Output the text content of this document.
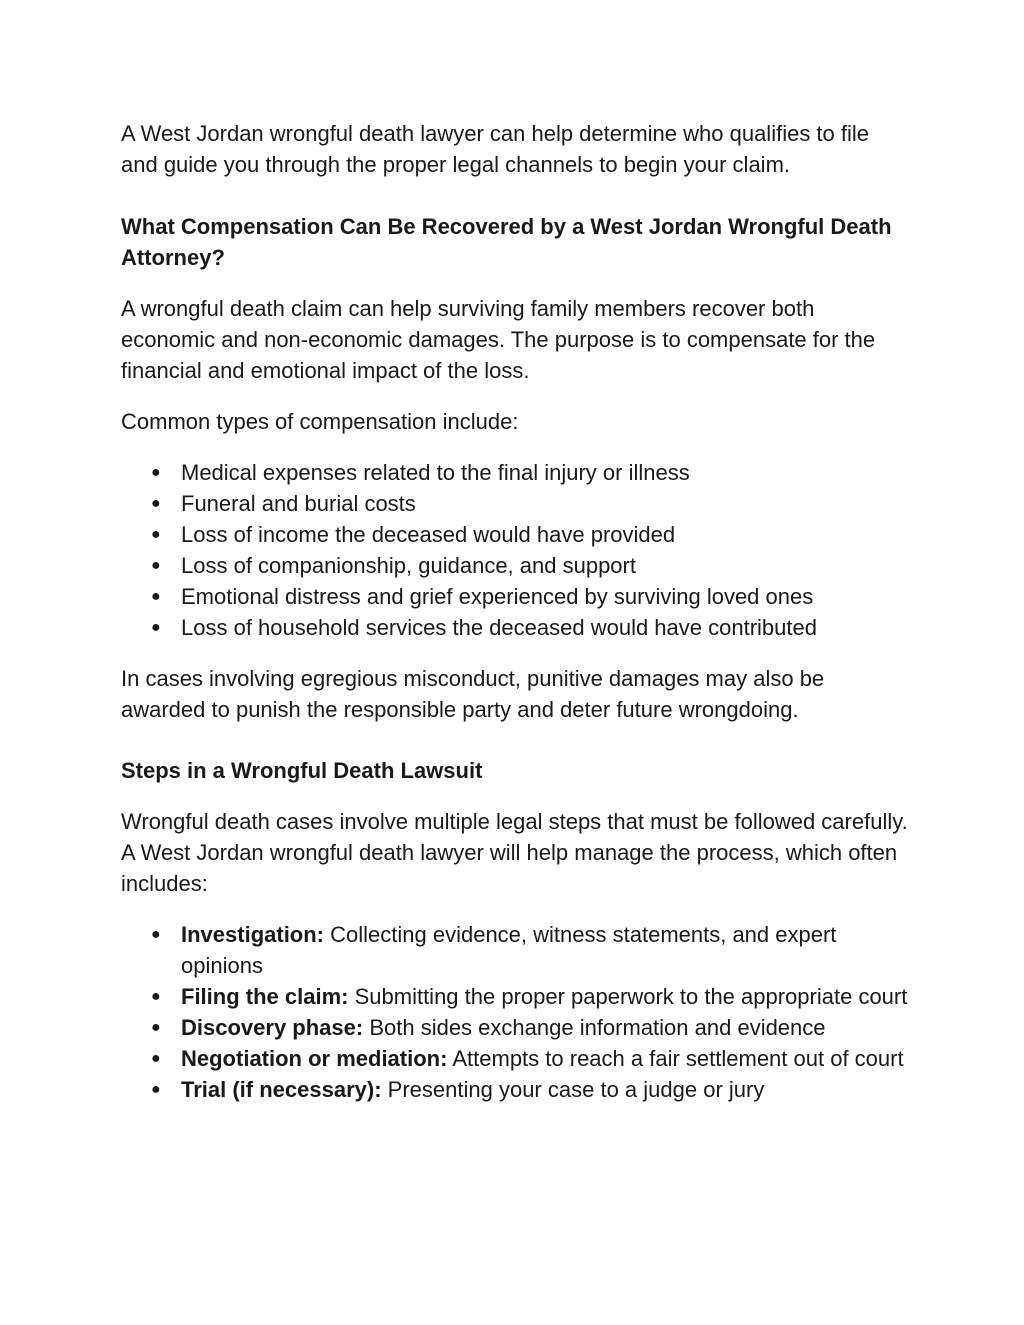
A West Jordan wrongful death lawyer can help determine who qualifies to file and guide you through the proper legal channels to begin your claim.

What Compensation Can Be Recovered by a West Jordan Wrongful Death Attorney?

A wrongful death claim can help surviving family members recover both economic and non-economic damages. The purpose is to compensate for the financial and emotional impact of the loss.

Common types of compensation include:

● Medical expenses related to the final injury or illness
● Funeral and burial costs
● Loss of income the deceased would have provided
● Loss of companionship, guidance, and support
● Emotional distress and grief experienced by surviving loved ones
● Loss of household services the deceased would have contributed

In cases involving egregious misconduct, punitive damages may also be awarded to punish the responsible party and deter future wrongdoing.

Steps in a Wrongful Death Lawsuit

Wrongful death cases involve multiple legal steps that must be followed carefully. A West Jordan wrongful death lawyer will help manage the process, which often includes:

● Investigation: Collecting evidence, witness statements, and expert opinions
● Filing the claim: Submitting the proper paperwork to the appropriate court
● Discovery phase: Both sides exchange information and evidence
● Negotiation or mediation: Attempts to reach a fair settlement out of court
● Trial (if necessary): Presenting your case to a judge or jury
